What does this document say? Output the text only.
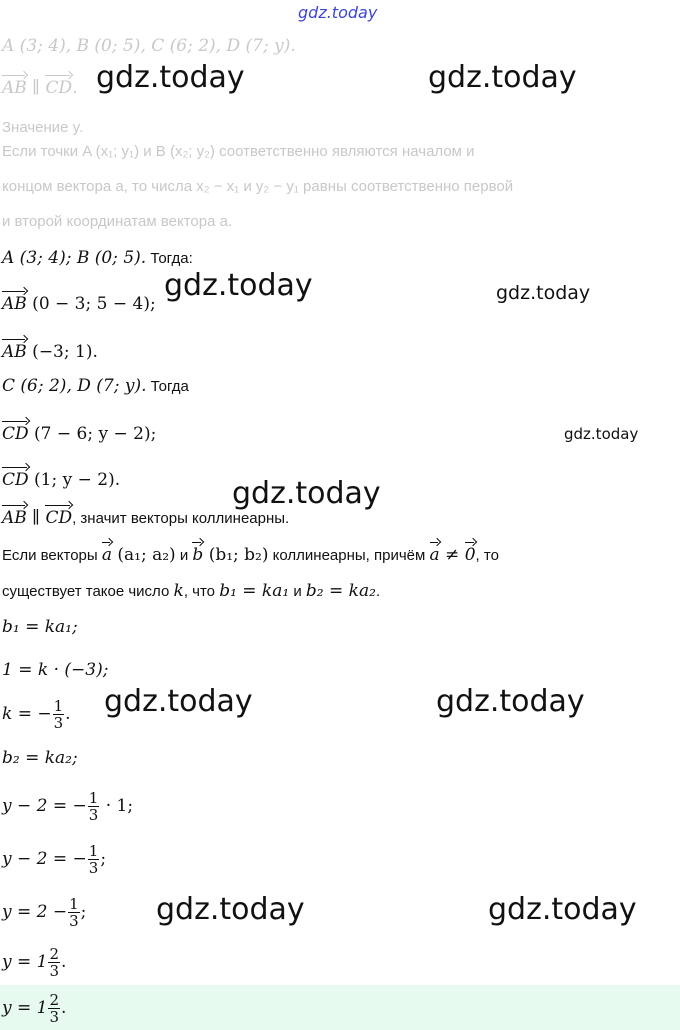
gdz.today
A (3; 4), B (0; 5), C (6; 2), D (7; y).
AB ∥ CD.
Значение y.
Если точки A (x₁; y₁) и B (x₂; y₂) соответственно являются началом и
концом вектора a, то числа x₂ − x₁ и y₂ − y₁ равны соответственно первой
и второй координатам вектора a.
A (3; 4); B (0; 5). Тогда:
AB (0 − 3; 5 − 4);
AB (−3; 1).
C (6; 2), D (7; y). Тогда
CD (7 − 6; y − 2);
CD (1; y − 2).
AB ∥ CD, значит векторы коллинеарны.
Если векторы a (a₁; a₂) и b (b₁; b₂) коллинеарны, причём a ≠ 0, то
существует такое число k, что b₁ = ka₁ и b₂ = ka₂.
b₁ = ka₁;
1 = k · (−3);
k = − $\frac{1}{3}$ .
b₂ = ka₂;
y − 2 = − $\frac{1}{3} \cdot 1$;
y − 2 = − $\frac{1}{3}$ ;
$y = 2 - \frac{1}{3}$ ;
$y = 1 \frac{2}{3}$ .
$y = 1 \frac{2}{3}$ .
gdz.today	gdz.today
gdz.today	gdz.today
gdz.today
gdz.today
gdz.today	gdz.today
gdz.today	gdz.today
